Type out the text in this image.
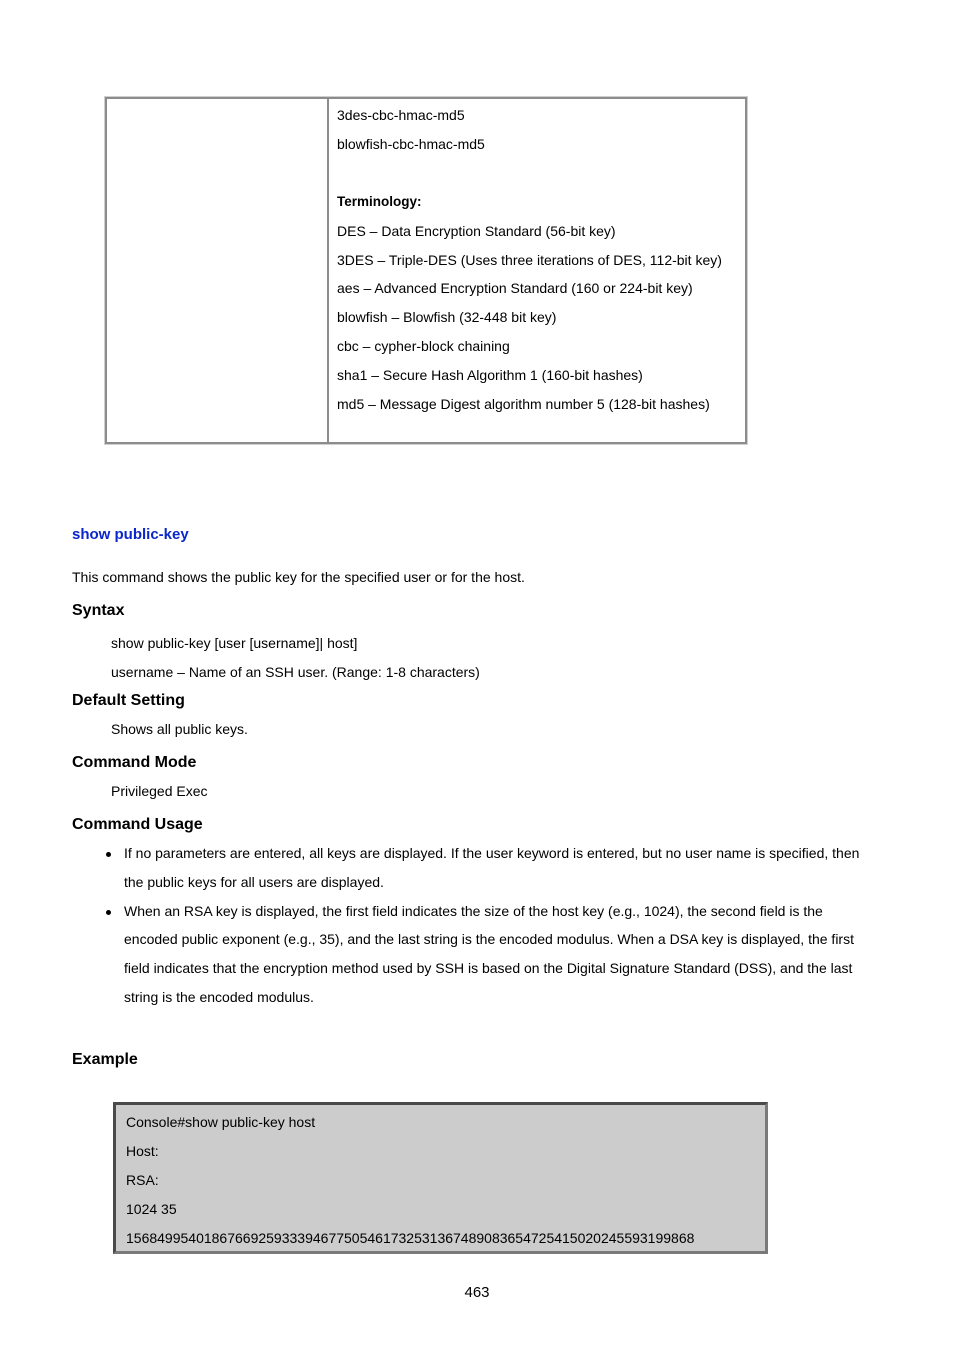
3des-cbc-hmac-md5
blowfish-cbc-hmac-md5
Terminology:
DES – Data Encryption Standard (56-bit key)
3DES – Triple-DES (Uses three iterations of DES, 112-bit key)
aes – Advanced Encryption Standard (160 or 224-bit key)
blowfish – Blowfish (32-448 bit key)
cbc – cypher-block chaining
sha1 – Secure Hash Algorithm 1 (160-bit hashes)
md5 – Message Digest algorithm number 5 (128-bit hashes)
show public-key
This command shows the public key for the specified user or for the host.
Syntax
show public-key [user [username]| host]
username – Name of an SSH user. (Range: 1-8 characters)
Default Setting
Shows all public keys.
Command Mode
Privileged Exec
Command Usage
If no parameters are entered, all keys are displayed. If the user keyword is entered, but no user name is specified, then
the public keys for all users are displayed.
When an RSA key is displayed, the first field indicates the size of the host key (e.g., 1024), the second field is the
encoded public exponent (e.g., 35), and the last string is the encoded modulus. When a DSA key is displayed, the first
field indicates that the encryption method used by SSH is based on the Digital Signature Standard (DSS), and the last
string is the encoded modulus.
Example
Console#show public-key host
Host:
RSA:
1024 35
156849954018676692593339467750546173253136748908365472541502024559319986​8
463
